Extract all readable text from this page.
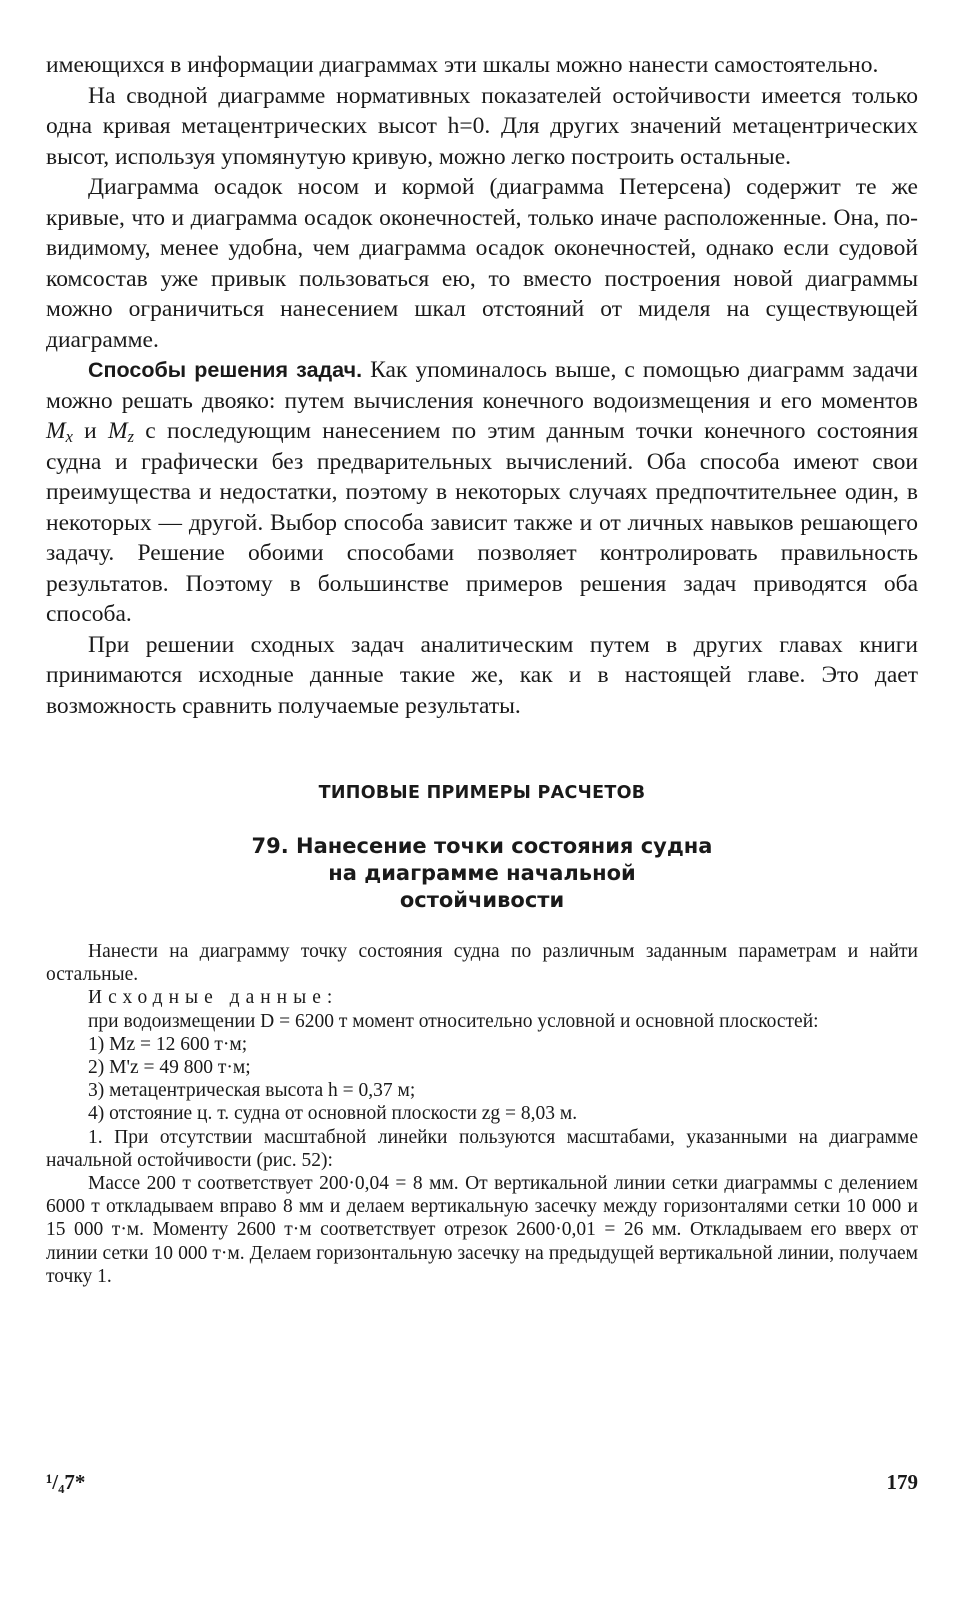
имеющихся в информации диаграммах эти шкалы можно нанести самостоятельно.

На сводной диаграмме нормативных показателей остойчивости имеется только одна кривая метацентрических высот h=0. Для других значений метацентрических высот, используя упомянутую кривую, можно легко построить остальные.

Диаграмма осадок носом и кормой (диаграмма Петерсена) содержит те же кривые, что и диаграмма осадок оконечностей, только иначе расположенные. Она, по-видимому, менее удобна, чем диаграмма осадок оконечностей, однако если судовой комсостав уже привык пользоваться ею, то вместо построения новой диаграммы можно ограничиться нанесением шкал отстояний от миделя на существующей диаграмме.

Способы решения задач. Как упоминалось выше, с помощью диаграмм задачи можно решать двояко: путем вычисления конечного водоизмещения и его моментов $M_x$ и $M_z$ с последующим нанесением по этим данным точки конечного состояния судна и графически без предварительных вычислений. Оба способа имеют свои преимущества и недостатки, поэтому в некоторых случаях предпочтительнее один, в некоторых — другой. Выбор способа зависит также и от личных навыков решающего задачу. Решение обоими способами позволяет контролировать правильность результатов. Поэтому в большинстве примеров решения задач приводятся оба способа.

При решении сходных задач аналитическим путем в других главах книги принимаются исходные данные такие же, как и в настоящей главе. Это дает возможность сравнить получаемые результаты.

ТИПОВЫЕ ПРИМЕРЫ РАСЧЕТОВ
79. Нанесение точки состояния судна
на диаграмме начальной
остойчивости

Нанести на диаграмму точку состояния судна по различным заданным параметрам и найти остальные.

Исходные данные:

при водоизмещении D = 6200 т момент относительно условной и основной плоскостей:

1) Mz = 12 600 т·м;

2) M'z = 49 800 т·м;

3) метацентрическая высота h = 0,37 м;

4) отстояние ц. т. судна от основной плоскости zg = 8,03 м.

1. При отсутствии масштабной линейки пользуются масштабами, указанными на диаграмме начальной остойчивости (рис. 52):

Массе 200 т соответствует 200·0,04 = 8 мм. От вертикальной линии сетки диаграммы с делением 6000 т откладываем вправо 8 мм и делаем вертикальную засечку между горизонталями сетки 10 000 и 15 000 т·м. Моменту 2600 т·м соответствует отрезок 2600·0,01 = 26 мм. Откладываем его вверх от линии сетки 10 000 т·м. Делаем горизонтальную засечку на предыдущей вертикальной линии, получаем точку 1.

¹/₄7*	179
